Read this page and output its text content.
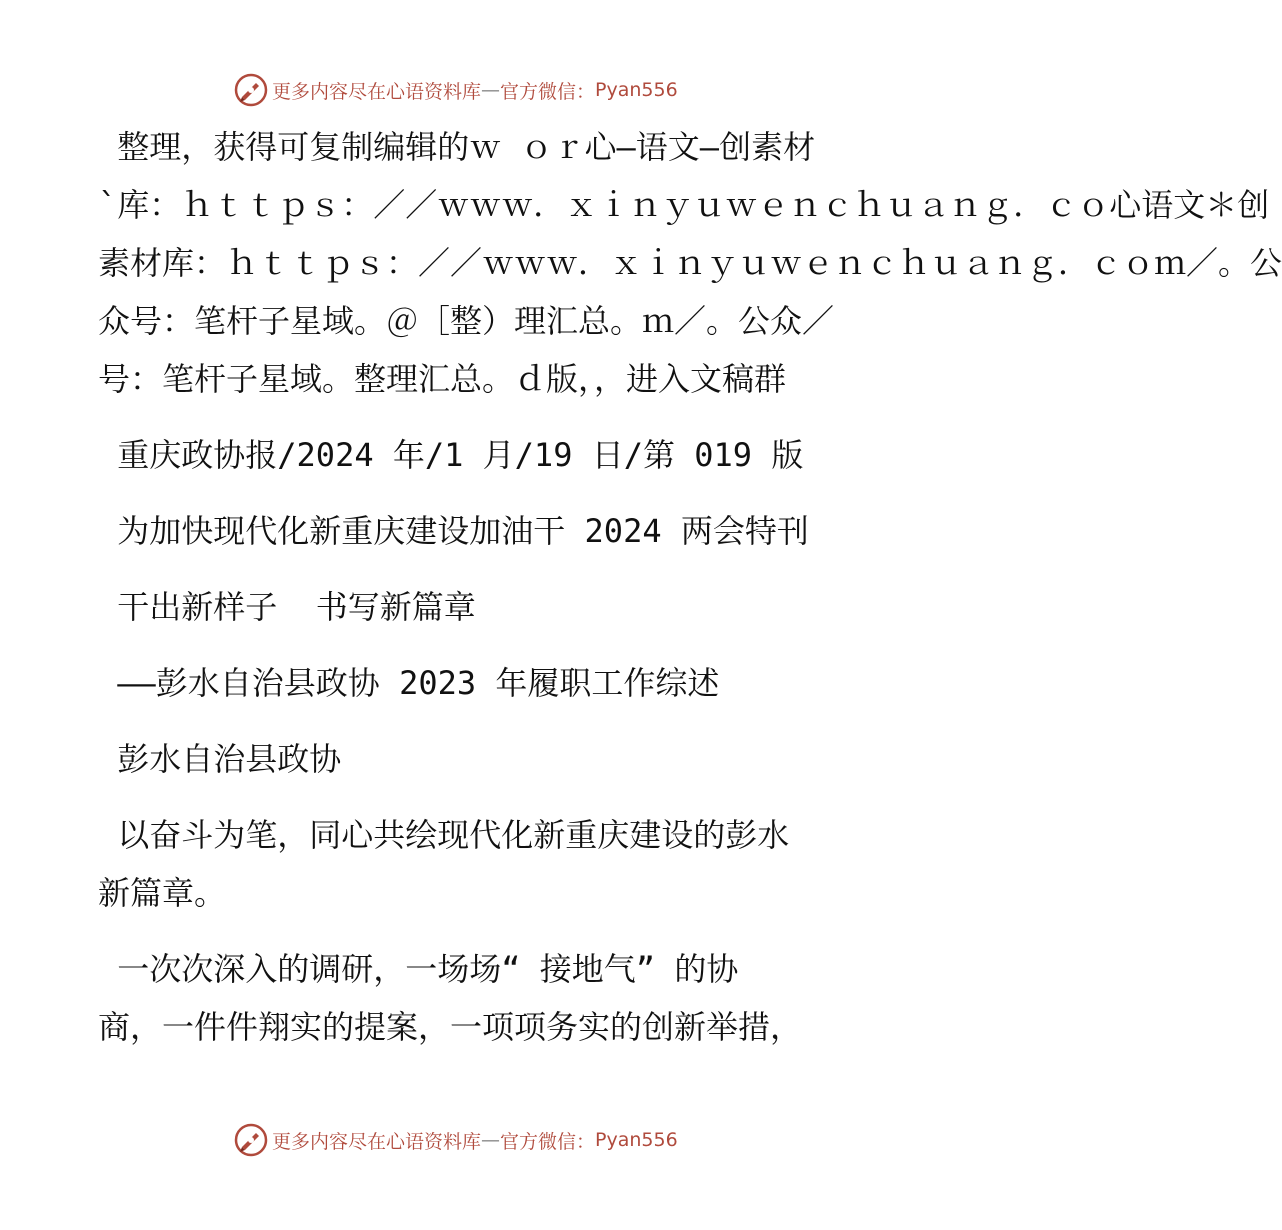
更多内容尽在心语资料库 — 官方微信： Pyan556
整理，获得可复制编辑的ｗ ｏｒ心—语文—创素材
`库：ｈｔｔｐｓ：／／ｗｗｗ．ｘｉｎｙｕｗｅｎｃｈｕａｎｇ．ｃｏ心语文＊创
素材库：ｈｔｔｐｓ：／／ｗｗｗ．ｘｉｎｙｕｗｅｎｃｈｕａｎｇ．ｃｏｍ／。公
众号：笔杆子星域。＠［整）理汇总。ｍ／。公众／
号：笔杆子星域。整理汇总。ｄ版，，进入文稿群
重庆政协报/2024 年/1 月/19 日/第 019 版
为加快现代化新重庆建设加油干 2024 两会特刊
干出新样子  书写新篇章
——彭水自治县政协 2023 年履职工作综述
彭水自治县政协
以奋斗为笔，同心共绘现代化新重庆建设的彭水
新篇章。
一次次深入的调研，一场场“ 接地气” 的协
商，一件件翔实的提案，一项项务实的创新举措，
更多内容尽在心语资料库 — 官方微信： Pyan556
